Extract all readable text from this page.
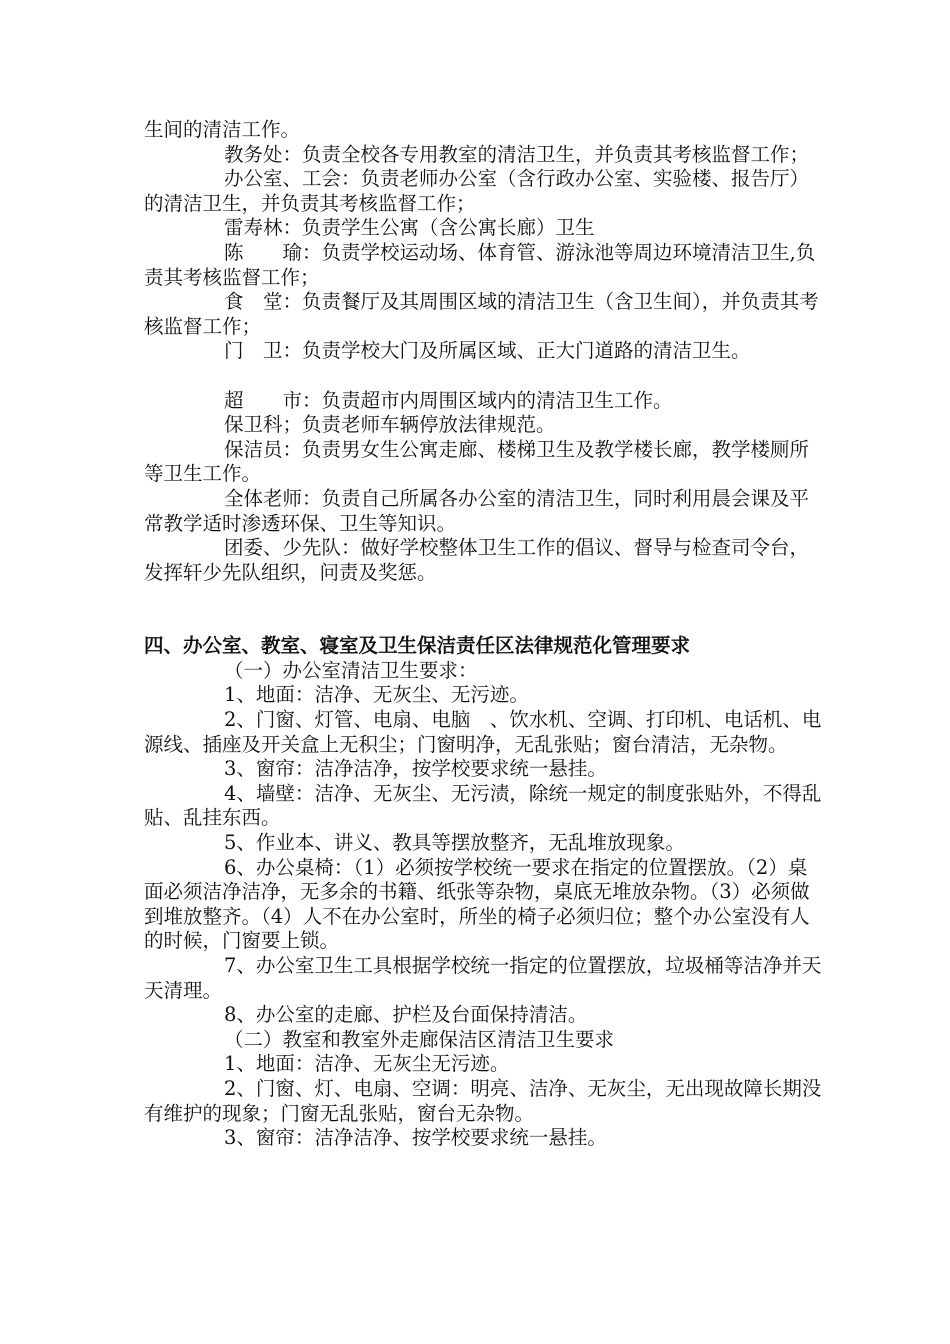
生间的清洁工作。

教务处：负责全校各专用教室的清洁卫生，并负责其考核监督工作；

办公室、工会：负责老师办公室（含行政办公室、实验楼、报告厅）的清洁卫生，并负责其考核监督工作；

雷寿林：负责学生公寓（含公寓长廊）卫生

陈　　瑜：负责学校运动场、体育管、游泳池等周边环境清洁卫生,负责其考核监督工作；

食　堂：负责餐厅及其周围区域的清洁卫生（含卫生间），并负责其考核监督工作；

门　卫：负责学校大门及所属区域、正大门道路的清洁卫生。

超　　市：负责超市内周围区域内的清洁卫生工作。

保卫科；负责老师车辆停放法律规范。

保洁员：负责男女生公寓走廊、楼梯卫生及教学楼长廊，教学楼厕所等卫生工作。

全体老师：负责自己所属各办公室的清洁卫生，同时利用晨会课及平常教学适时渗透环保、卫生等知识。

团委、少先队：做好学校整体卫生工作的倡议、督导与检查司令台，发挥轩少先队组织，问责及奖惩。

四、办公室、教室、寝室及卫生保洁责任区法律规范化管理要求

（一）办公室清洁卫生要求：

1、地面：洁净、无灰尘、无污迹。

2、门窗、灯管、电扇、电脑　、饮水机、空调、打印机、电话机、电源线、插座及开关盒上无积尘；门窗明净，无乱张贴；窗台清洁，无杂物。

3、窗帘：洁净洁净，按学校要求统一悬挂。

4、墙壁：洁净、无灰尘、无污渍，除统一规定的制度张贴外，不得乱贴、乱挂东西。

5、作业本、讲义、教具等摆放整齐，无乱堆放现象。

6、办公桌椅：（1）必须按学校统一要求在指定的位置摆放。（2）桌面必须洁净洁净，无多余的书籍、纸张等杂物，桌底无堆放杂物。（3）必须做到堆放整齐。（4）人不在办公室时，所坐的椅子必须归位；整个办公室没有人的时候，门窗要上锁。

7、办公室卫生工具根据学校统一指定的位置摆放，垃圾桶等洁净并天天清理。

8、办公室的走廊、护栏及台面保持清洁。

（二）教室和教室外走廊保洁区清洁卫生要求

1、地面：洁净、无灰尘无污迹。

2、门窗、灯、电扇、空调：明亮、洁净、无灰尘，无出现故障长期没有维护的现象；门窗无乱张贴，窗台无杂物。

3、窗帘：洁净洁净、按学校要求统一悬挂。
